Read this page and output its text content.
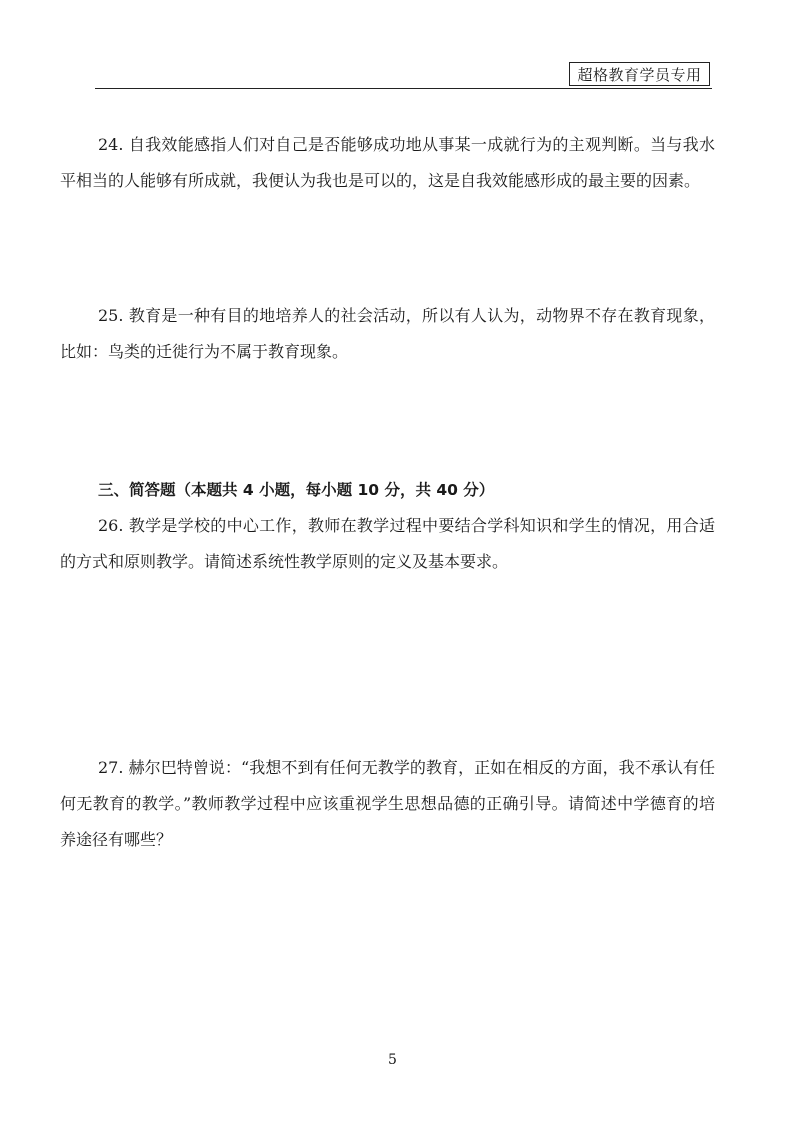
超格教育学员专用

24. 自我效能感指人们对自己是否能够成功地从事某一成就行为的主观判断。当与我水平相当的人能够有所成就，我便认为我也是可以的，这是自我效能感形成的最主要的因素。

25. 教育是一种有目的地培养人的社会活动，所以有人认为，动物界不存在教育现象，比如：鸟类的迁徙行为不属于教育现象。

三、简答题（本题共 4 小题，每小题 10 分，共 40 分）

26. 教学是学校的中心工作，教师在教学过程中要结合学科知识和学生的情况，用合适的方式和原则教学。请简述系统性教学原则的定义及基本要求。

27. 赫尔巴特曾说：“我想不到有任何无教学的教育，正如在相反的方面，我不承认有任何无教育的教学。”教师教学过程中应该重视学生思想品德的正确引导。请简述中学德育的培养途径有哪些？

5
